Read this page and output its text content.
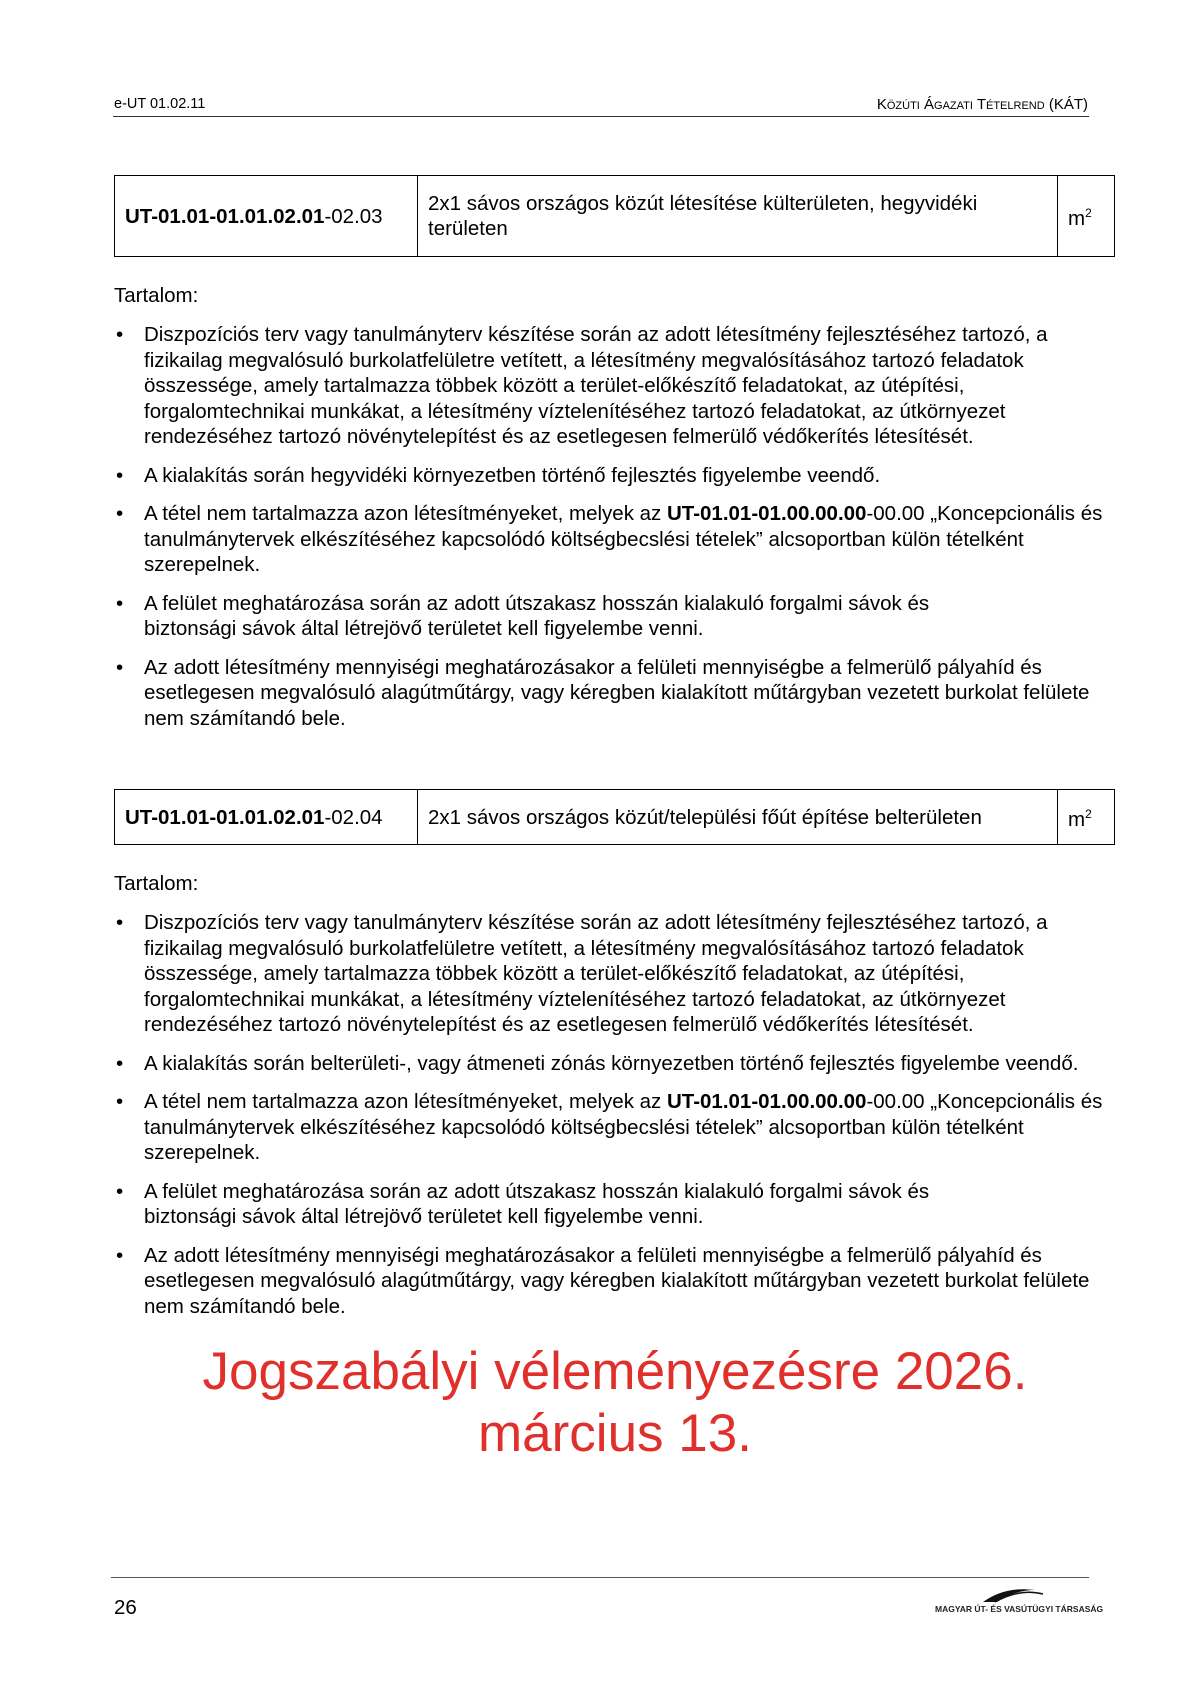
e-UT 01.02.11	Közúti Ágazati Tételrend (KÁT)
UT-01.01-01.01.02.01-02.03	2x1 sávos országos közút létesítése külterületen, hegyvidéki területen	$m^2$
Tartalom:
• Diszpozíciós terv vagy tanulmányterv készítése során az adott létesítmény fejlesztéséhez tartozó, a fizikailag megvalósuló burkolatfelületre vetített, a létesítmény megvalósításához tartozó feladatok összessége, amely tartalmazza többek között a terület-előkészítő feladatokat, az útépítési, forgalomtechnikai munkákat, a létesítmény víztelenítéséhez tartozó feladatokat, az útkörnyezet rendezéséhez tartozó növénytelepítést és az esetlegesen felmerülő védőkerítés létesítését.
• A kialakítás során hegyvidéki környezetben történő fejlesztés figyelembe veendő.
• A tétel nem tartalmazza azon létesítményeket, melyek az UT-01.01-01.00.00.00-00.00 „Koncepcionális és tanulmánytervek elkészítéséhez kapcsolódó költségbecslési tételek” alcsoportban külön tételként szerepelnek.
• A felület meghatározása során az adott útszakasz hosszán kialakuló forgalmi sávok és biztonsági sávok által létrejövő területet kell figyelembe venni.
• Az adott létesítmény mennyiségi meghatározásakor a felületi mennyiségbe a felmerülő pályahíd és esetlegesen megvalósuló alagútműtárgy, vagy kéregben kialakított műtárgyban vezetett burkolat felülete nem számítandó bele.
UT-01.01-01.01.02.01-02.04	2x1 sávos országos közút/települési főút építése belterületen	$m^2$
Tartalom:
• Diszpozíciós terv vagy tanulmányterv készítése során az adott létesítmény fejlesztéséhez tartozó, a fizikailag megvalósuló burkolatfelületre vetített, a létesítmény megvalósításához tartozó feladatok összessége, amely tartalmazza többek között a terület-előkészítő feladatokat, az útépítési, forgalomtechnikai munkákat, a létesítmény víztelenítéséhez tartozó feladatokat, az útkörnyezet rendezéséhez tartozó növénytelepítést és az esetlegesen felmerülő védőkerítés létesítését.
• A kialakítás során belterületi-, vagy átmeneti zónás környezetben történő fejlesztés figyelembe veendő.
• A tétel nem tartalmazza azon létesítményeket, melyek az UT-01.01-01.00.00.00-00.00 „Koncepcionális és tanulmánytervek elkészítéséhez kapcsolódó költségbecslési tételek” alcsoportban külön tételként szerepelnek.
• A felület meghatározása során az adott útszakasz hosszán kialakuló forgalmi sávok és biztonsági sávok által létrejövő területet kell figyelembe venni.
• Az adott létesítmény mennyiségi meghatározásakor a felületi mennyiségbe a felmerülő pályahíd és esetlegesen megvalósuló alagútműtárgy, vagy kéregben kialakított műtárgyban vezetett burkolat felülete nem számítandó bele.
Jogszabályi véleményezésre 2026. március 13.
26	MAGYAR ÚT- ÉS VASÚTÜGYI TÁRSASÁG
